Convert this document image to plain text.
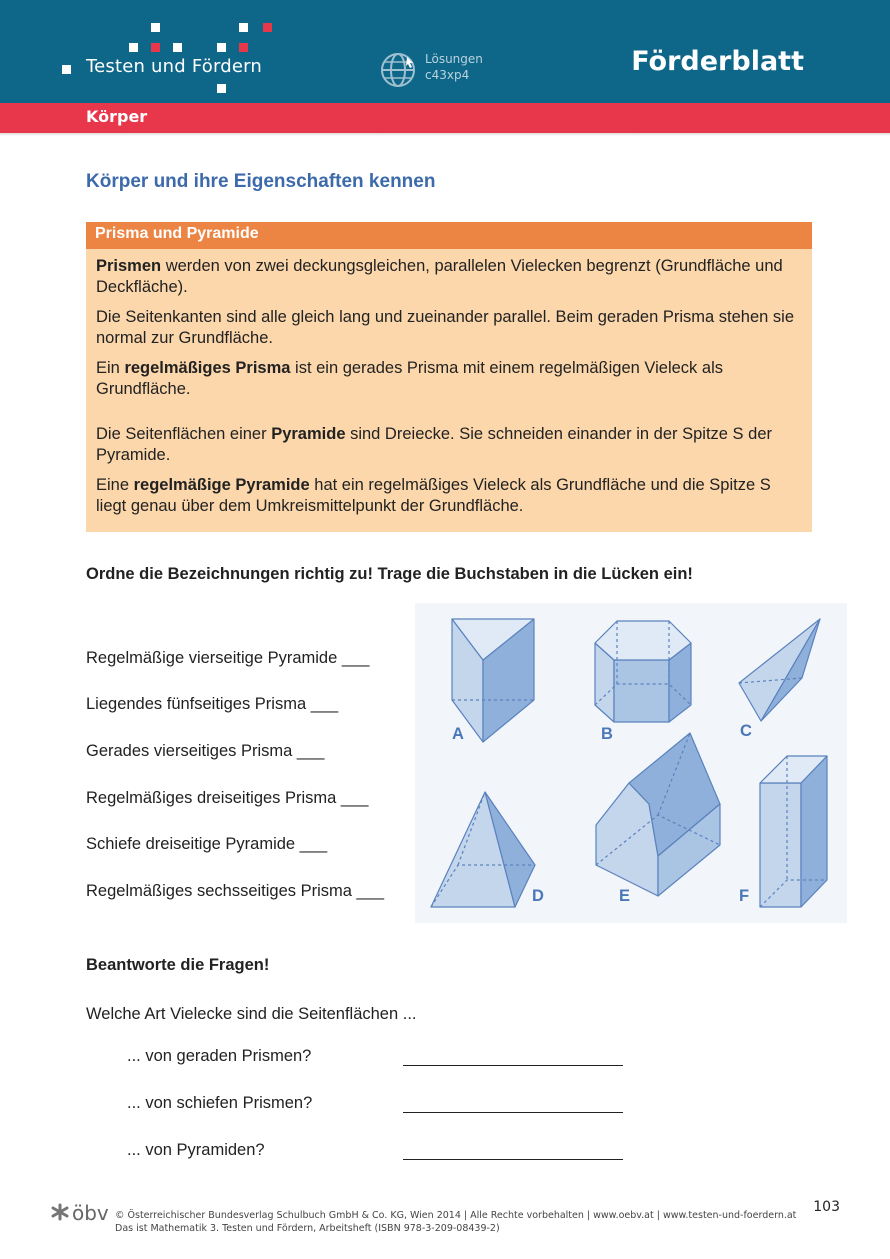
Testen und Fördern	Lösungen
c43xp4	Förderblatt
Körper
Körper und ihre Eigenschaften kennen
Prisma und Pyramide

Prismen werden von zwei deckungsgleichen, parallelen Vielecken begrenzt (Grundfläche und Deckfläche).

Die Seitenkanten sind alle gleich lang und zueinander parallel. Beim geraden Prisma stehen sie normal zur Grundfläche.

Ein regelmäßiges Prisma ist ein gerades Prisma mit einem regelmäßigen Vieleck als Grundfläche.

Die Seitenflächen einer Pyramide sind Dreiecke. Sie schneiden einander in der Spitze S der Pyramide.

Eine regelmäßige Pyramide hat ein regelmäßiges Vieleck als Grundfläche und die Spitze S liegt genau über dem Umkreismittelpunkt der Grundfläche.

Ordne die Bezeichnungen richtig zu! Trage die Buchstaben in die Lücken ein!
Regelmäßige vierseitige Pyramide ___
Liegendes fünfseitiges Prisma ___
Gerades vierseitiges Prisma ___
Regelmäßiges dreiseitiges Prisma ___
Schiefe dreiseitige Pyramide ___
Regelmäßiges sechsseitiges Prisma ___
A	B	C
D	E	F
Beantworte die Fragen!
Welche Art Vielecke sind die Seitenflächen ...
... von geraden Prismen?
... von schiefen Prismen?
... von Pyramiden?
öbv © Österreichischer Bundesverlag Schulbuch GmbH & Co. KG, Wien 2014 | Alle Rechte vorbehalten | www.oebv.at | www.testen-und-foerdern.at
Das ist Mathematik 3. Testen und Fördern, Arbeitsheft (ISBN 978-3-209-08439-2)
103
